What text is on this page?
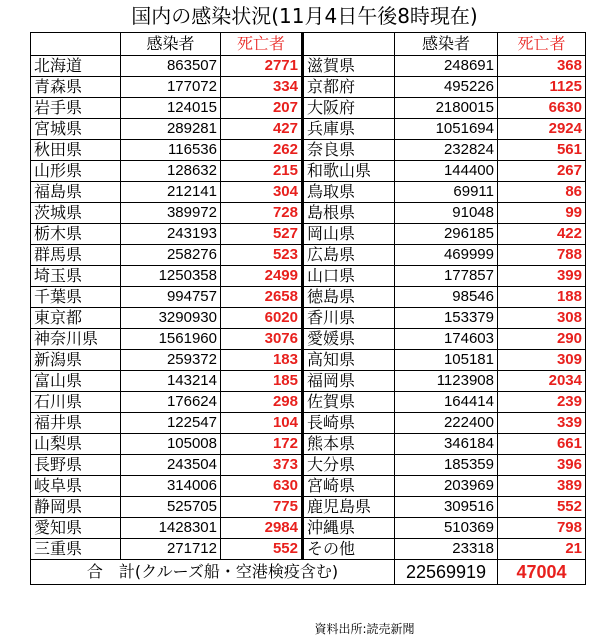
国内の感染状況(11月4日午後8時現在)
	感染者	死亡者		感染者	死亡者
北海道	863507	2771	滋賀県	248691	368
青森県	177072	334	京都府	495226	1125
岩手県	124015	207	大阪府	2180015	6630
宮城県	289281	427	兵庫県	1051694	2924
秋田県	116536	262	奈良県	232824	561
山形県	128632	215	和歌山県	144400	267
福島県	212141	304	鳥取県	69911	86
茨城県	389972	728	島根県	91048	99
栃木県	243193	527	岡山県	296185	422
群馬県	258276	523	広島県	469999	788
埼玉県	1250358	2499	山口県	177857	399
千葉県	994757	2658	徳島県	98546	188
東京都	3290930	6020	香川県	153379	308
神奈川県	1561960	3076	愛媛県	174603	290
新潟県	259372	183	高知県	105181	309
富山県	143214	185	福岡県	1123908	2034
石川県	176624	298	佐賀県	164414	239
福井県	122547	104	長崎県	222400	339
山梨県	105008	172	熊本県	346184	661
長野県	243504	373	大分県	185359	396
岐阜県	314006	630	宮崎県	203969	389
静岡県	525705	775	鹿児島県	309516	552
愛知県	1428301	2984	沖縄県	510369	798
三重県	271712	552	その他	23318	21
合　計(クルーズ船・空港検疫含む)				22569919	47004
資料出所:読売新聞
